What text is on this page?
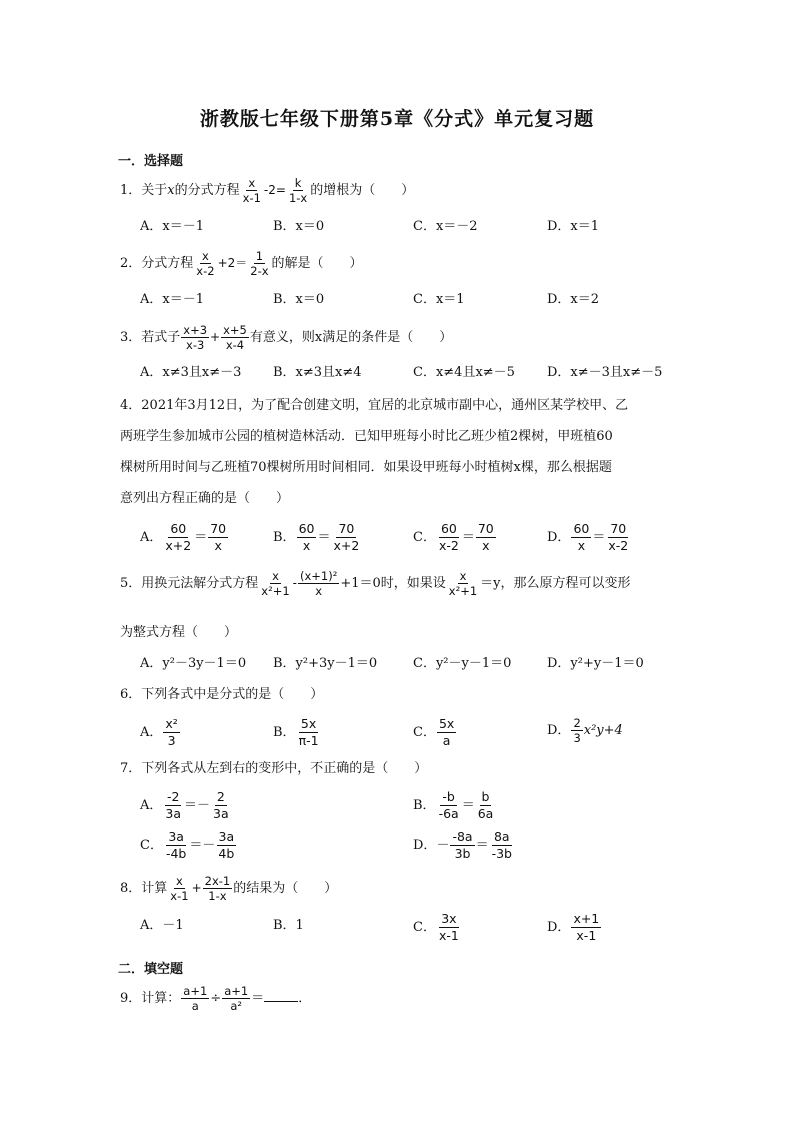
浙教版七年级下册第5章《分式》单元复习题
一．选择题
1．关于x的分式方程 $\frac{x}{x-1} -2= \frac{k}{1-x}$ 的增根为（　　）
A．x＝－1	B．x＝0	C．x＝－2	D．x＝1
2．分式方程 $\frac{x}{x-2} +2= \frac{1}{2-x}$ 的解是（　　）
A．x＝－1	B．x＝0	C．x＝1	D．x＝2
3．若式子 $\frac{x+3}{x-3} + \frac{x+5}{x-4}$ 有意义，则x满足的条件是（　　）
A．x≠3且x≠－3 B．x≠3且x≠4	C．x≠4且x≠－5 D．x≠－3且x≠－5
4．2021年3月12日，为了配合创建文明，宜居的北京城市副中心，通州区某学校甲、乙
两班学生参加城市公园的植树造林活动．已知甲班每小时比乙班少植2棵树，甲班植60
棵树所用时间与乙班植70棵树所用时间相同．如果设甲班每小时植树x棵，那么根据题
意列出方程正确的是（　　）
A． $\frac{60}{x+2} = \frac{70}{x}$	B． $\frac{60}{x} = \frac{70}{x+2}$	C． $\frac{60}{x-2} = \frac{70}{x}$	D． $\frac{60}{x} = \frac{70}{x-2}$
5．用换元法解分式方程 $\frac{x}{\text{x²+1}} - \frac{\text{(x+1)²}}{x} +1=0$时，如果设 $\frac{x}{\text{x²+1}} =y$，那么原方程可以变形
为整式方程（　　）
A．y²－3y－1＝0 B．y²+3y－1＝0	C．y²－y－1＝0	D．y²+y－1＝0
6．下列各式中是分式的是（　　）
A． $\frac{\text{x²}}{3}$	B． $\frac{5x}{\pi-1}$	C． $\frac{5x}{a}$	D． $\frac{2}{3} x^2y+4$
7．下列各式从左到右的变形中，不正确的是（　　）
A． $\frac{-2}{3a} =- \frac{2}{3a}$	B． $\frac{-b}{-6a} = \frac{b}{6a}$
C． $\frac{3a}{-4b} =- \frac{3a}{4b}$	D．－ $\frac{-8a}{3b} = \frac{8a}{-3b}$
8．计算 $\frac{x}{x-1} + \frac{2x-1}{1-x}$ 的结果为（　　）
A．－1	B．1	C． $\frac{3x}{x-1}$	D． $\frac{x+1}{x-1}$
二．填空题
9．计算： $\frac{a+1}{a} \div \frac{a+1}{\text{a²}}$ ＝	．
